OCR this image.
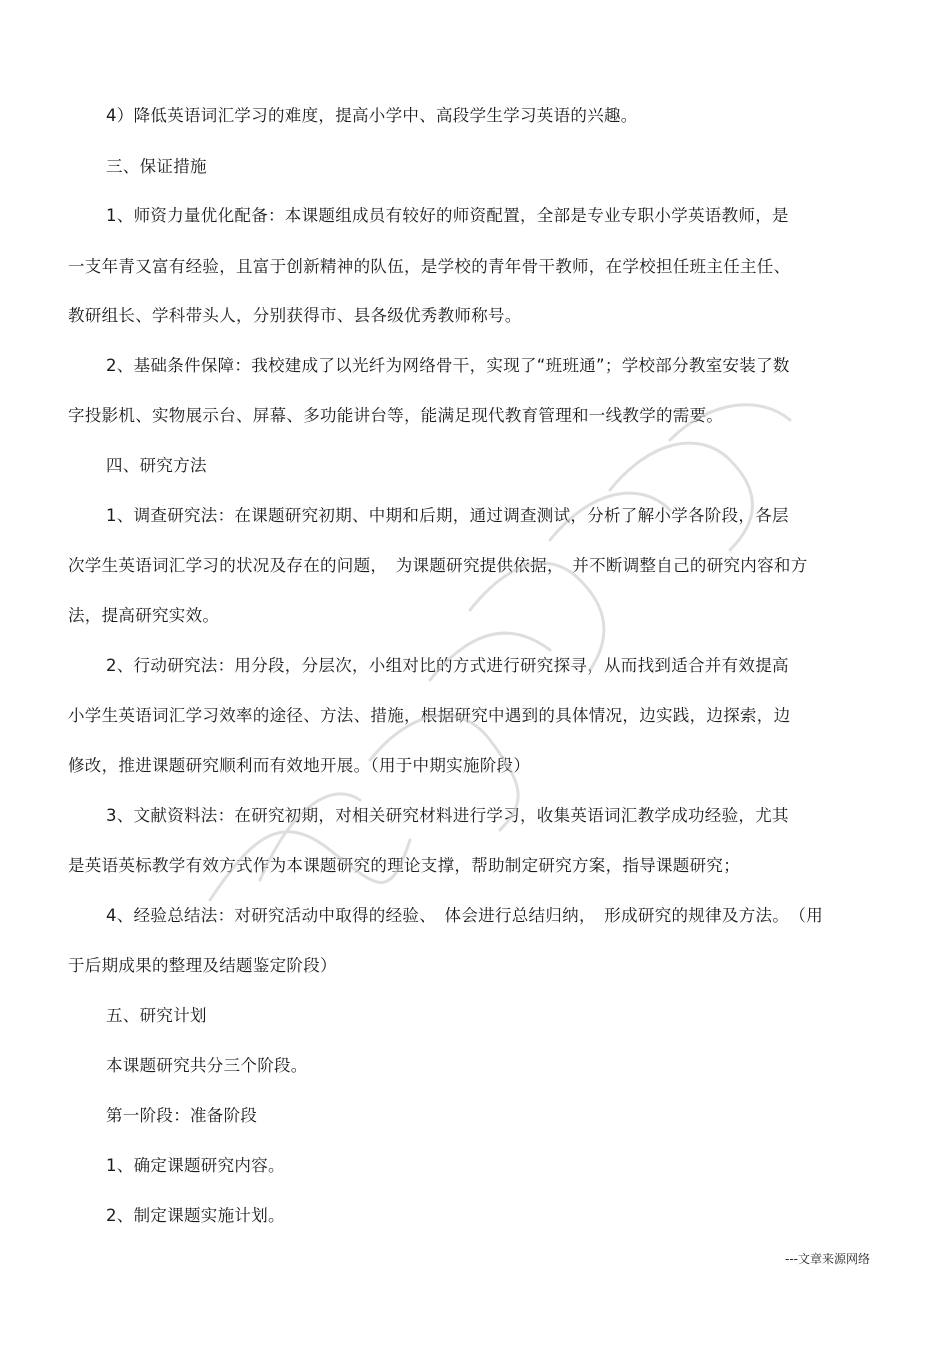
4）降低英语词汇学习的难度，提高小学中、高段学生学习英语的兴趣。
三、保证措施
1、师资力量优化配备：本课题组成员有较好的师资配置，全部是专业专职小学英语教师，是
一支年青又富有经验，且富于创新精神的队伍，是学校的青年骨干教师，在学校担任班主任主任、
教研组长、学科带头人，分别获得市、县各级优秀教师称号。
2、基础条件保障：我校建成了以光纤为网络骨干，实现了“班班通”；学校部分教室安装了数
字投影机、实物展示台、屏幕、多功能讲台等，能满足现代教育管理和一线教学的需要。
四、研究方法
1、调查研究法：在课题研究初期、中期和后期，通过调查测试，分析了解小学各阶段，各层
次学生英语词汇学习的状况及存在的问题，　为课题研究提供依据，　并不断调整自己的研究内容和方
法，提高研究实效。
2、行动研究法：用分段，分层次，小组对比的方式进行研究探寻，从而找到适合并有效提高
小学生英语词汇学习效率的途径、方法、措施，根据研究中遇到的具体情况，边实践，边探索，边
修改，推进课题研究顺利而有效地开展。（用于中期实施阶段）
3、文献资料法：在研究初期，对相关研究材料进行学习，收集英语词汇教学成功经验，尤其
是英语英标教学有效方式作为本课题研究的理论支撑，帮助制定研究方案，指导课题研究；
4、经验总结法：对研究活动中取得的经验、　体会进行总结归纳，　形成研究的规律及方法。　（用
于后期成果的整理及结题鉴定阶段）
五、研究计划
本课题研究共分三个阶段。
第一阶段：准备阶段
1、确定课题研究内容。
2、制定课题实施计划。
---文章来源网络
